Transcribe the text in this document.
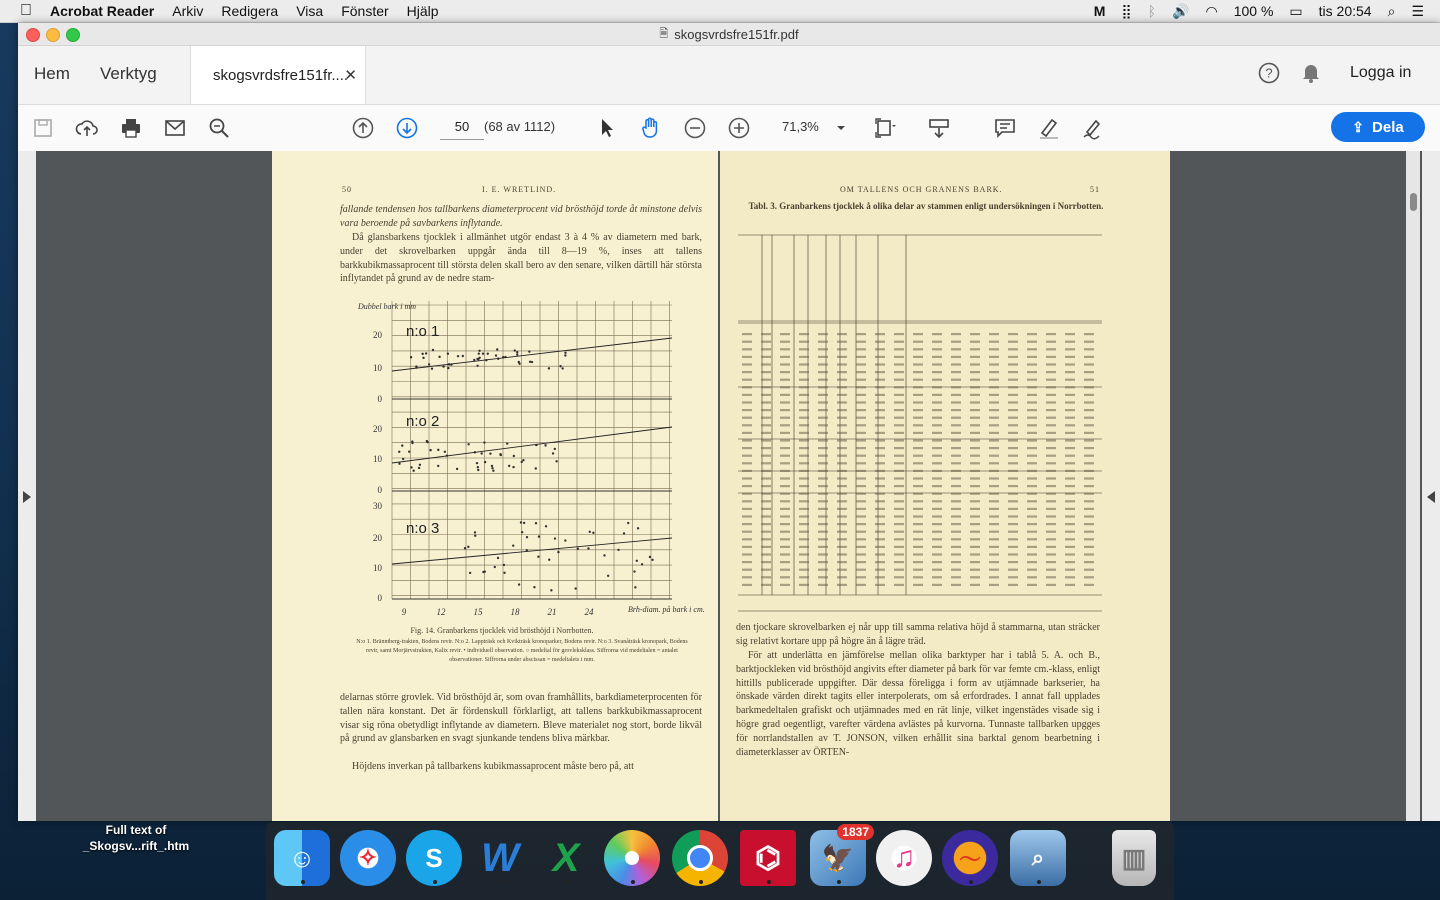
Acrobat Reader Arkiv Redigera Visa Fönster Hjälp	M ⣿ ᛒ 🔊 ◠ 100 % ▭ tis 20:54 ⌕ ☰
🗎 skogsvrdsfre151fr.pdf
Hem Verktyg	skogsvrdsfre151fr....
✕	?	Logga in
50	(68 av 1112)	71,3%	⇪ Dela
50	I. E. WRETLIND.
fallande tendensen hos tallbarkens diameterprocent vid brösthöjd torde åt minstone delvis vara beroende på savbarkens inflytande.
Då glansbarkens tjocklek i allmänhet utgör endast 3 à 4 % av diametern med bark, under det skrovelbarken uppgår ända till 8—19 %, inses att tallens barkkubikmassaprocent till största delen skall bero av den senare, vilken därtill här största inflytandet på grund av de nedre stam-
20
10
0
20
10
0
30
20
10
0
9	12	15	18	21	24
n:o 1
n:o 2
n:o 3
Dubbel bark i mm
Brh-diam. på bark i cm.
Fig. 14. Granbarkens tjocklek vid brösthöjd i Norrbotten.
N:o 1. Bränntberg-trakten, Bodens revir. N:o 2. Lappträsk och Kvikträsk kronoparker, Bodens revir. N:o 3. Svanåträsk kronopark, Bodens revir, samt Morjärvstrakten, Kalix revir. • individuell observation. ○ medeltal för grovleksklass. Siffrorna vid medeltalen = antalet observationer. Siffrorna under abscissan = medeltalets i mm.
delarnas större grovlek. Vid brösthöjd är, som ovan framhållits, barkdiameterprocenten för tallen nära konstant. Det är fördenskull förklarligt, att tallens barkkubikmassaprocent visar sig röna obetydligt inflytande av diametern. Bleve materialet nog stort, borde likväl på grund av glansbarken en svagt sjunkande tendens bliva märkbar.
Höjdens inverkan på tallbarkens kubikmassaprocent måste bero på, att
OM TALLENS OCH GRANENS BARK.	51
Tabl. 3. Granbarkens tjocklek å olika delar av stammen enligt undersökningen i Norrbotten.
den tjockare skrovelbarken ej når upp till samma relativa höjd å stammarna, utan sträcker sig relativt kortare upp på högre än å lägre träd.
För att underlätta en jämförelse mellan olika barktyper har i tablå 5. A. och B., barktjockleken vid brösthöjd angivits efter diameter på bark för var femte cm.-klass, enligt hittills publicerade uppgifter. Där dessa föreligga i form av utjämnade barkserier, ha önskade värden direkt tagits eller interpolerats, om så erfordrades. I annat fall upplades barkmedeltalen grafiskt och utjämnades med en rät linje, vilket ingenstädes visade sig i högre grad oegentligt, varefter värdena avlästes på kurvorna. Tunnaste tallbarken upgges för norrlandstallen av T. JONSON, vilken erhållit sina barktal genom bearbetning i diameterklasser av ÖRTEN-
Full text of
_Skogsv...rift_.htm	☺	✧	S W X	⌬ 🦅
1837
♫	〜	⌕	▥
